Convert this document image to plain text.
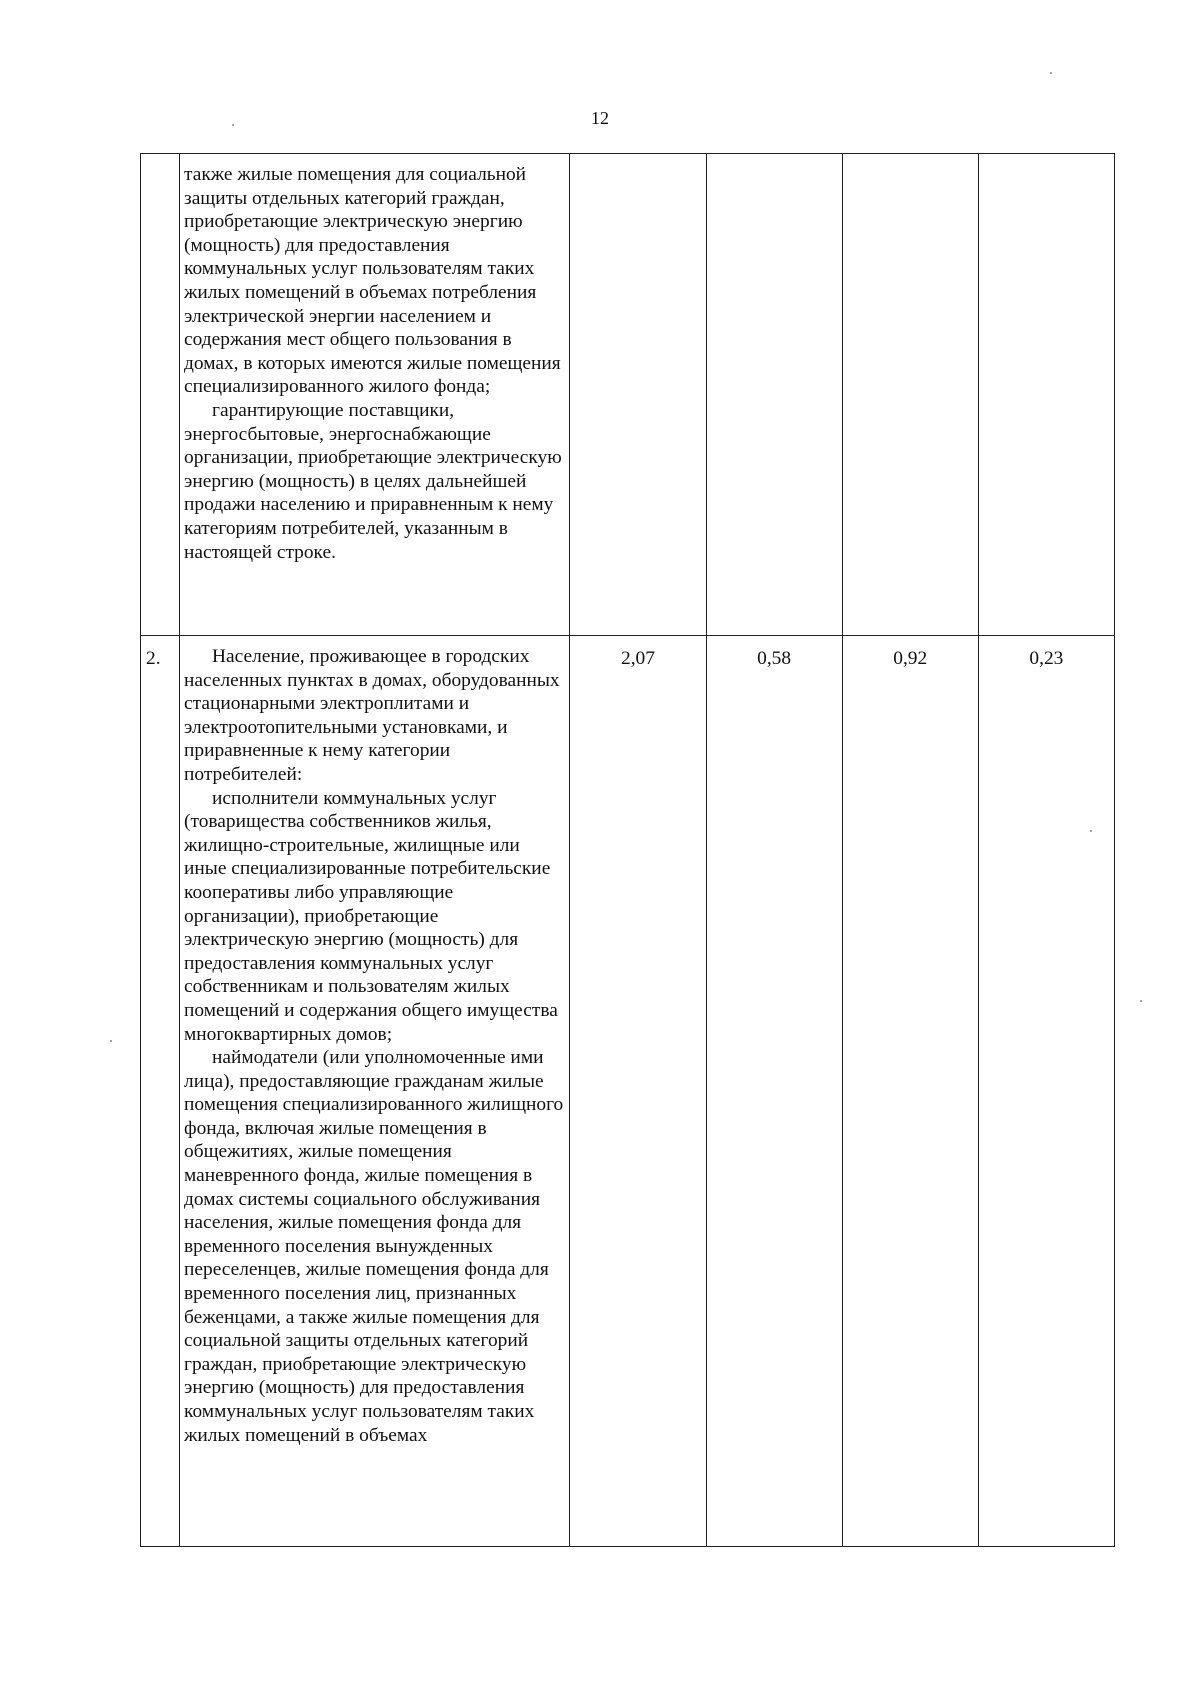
12

	также жилые помещения для социальной защиты отдельных категорий граждан, приобретающие электрическую энергию (мощность) для предоставления коммунальных услуг пользователям таких жилых помещений в объемах потребления электрической энергии населением и содержания мест общего пользования в домах, в которых имеются жилые помещения специализированного жилого фонда;

гарантирующие поставщики, энергосбытовые, энергоснабжающие организации, приобретающие электрическую энергию (мощность) в целях дальнейшей продажи населению и приравненным к нему категориям потребителей, указанным в настоящей строке.				

2.	Население, проживающее в городских населенных пунктах в домах, оборудованных стационарными электроплитами и электроотопительными установками, и приравненные к нему категории потребителей:

исполнители коммунальных услуг (товарищества собственников жилья, жилищно-строительные, жилищные или иные специализированные потребительские кооперативы либо управляющие организации), приобретающие электрическую энергию (мощность) для предоставления коммунальных услуг собственникам и пользователям жилых помещений и содержания общего имущества многоквартирных домов;

наймодатели (или уполномоченные ими лица), предоставляющие гражданам жилые помещения специализированного жилищного фонда, включая жилые помещения в общежитиях, жилые помещения маневренного фонда, жилые помещения в домах системы социального обслуживания населения, жилые помещения фонда для временного поселения вынужденных переселенцев, жилые помещения фонда для временного поселения лиц, признанных беженцами, а также жилые помещения для социальной защиты отдельных категорий граждан, приобретающие электрическую энергию (мощность) для предоставления коммунальных услуг пользователям таких жилых помещений в объемах	2,07	0,58	0,92	0,23
